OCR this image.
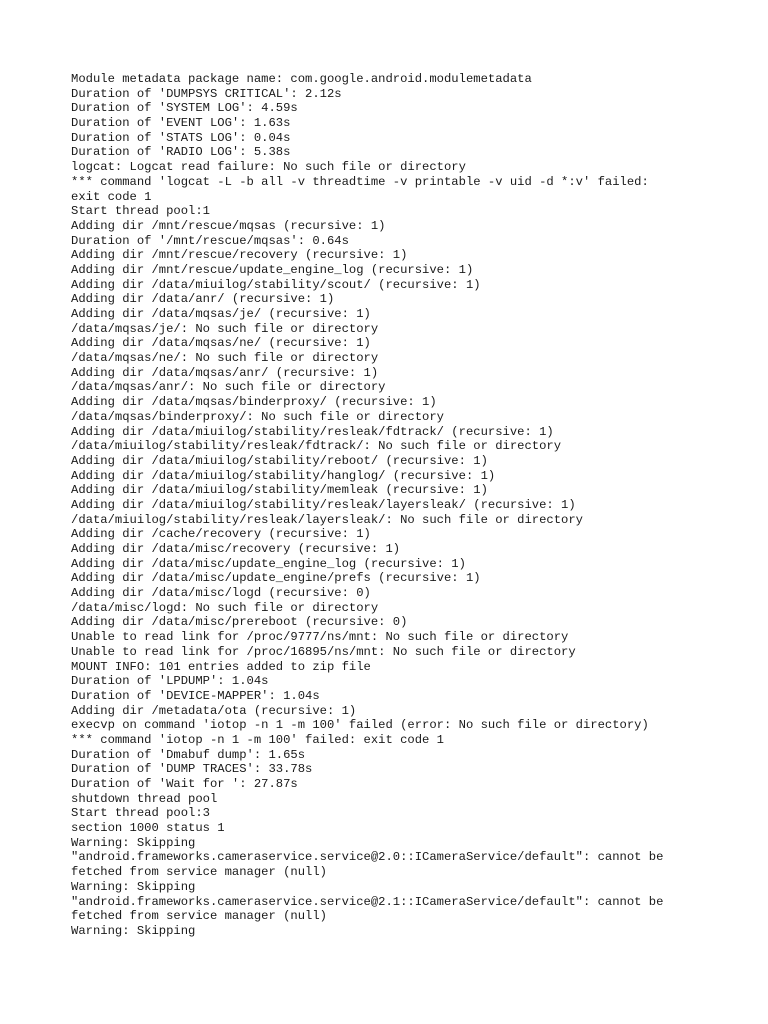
Module metadata package name: com.google.android.modulemetadata
Duration of 'DUMPSYS CRITICAL': 2.12s
Duration of 'SYSTEM LOG': 4.59s
Duration of 'EVENT LOG': 1.63s
Duration of 'STATS LOG': 0.04s
Duration of 'RADIO LOG': 5.38s
logcat: Logcat read failure: No such file or directory
*** command 'logcat -L -b all -v threadtime -v printable -v uid -d *:v' failed:
exit code 1
Start thread pool:1
Adding dir /mnt/rescue/mqsas (recursive: 1)
Duration of '/mnt/rescue/mqsas': 0.64s
Adding dir /mnt/rescue/recovery (recursive: 1)
Adding dir /mnt/rescue/update_engine_log (recursive: 1)
Adding dir /data/miuilog/stability/scout/ (recursive: 1)
Adding dir /data/anr/ (recursive: 1)
Adding dir /data/mqsas/je/ (recursive: 1)
/data/mqsas/je/: No such file or directory
Adding dir /data/mqsas/ne/ (recursive: 1)
/data/mqsas/ne/: No such file or directory
Adding dir /data/mqsas/anr/ (recursive: 1)
/data/mqsas/anr/: No such file or directory
Adding dir /data/mqsas/binderproxy/ (recursive: 1)
/data/mqsas/binderproxy/: No such file or directory
Adding dir /data/miuilog/stability/resleak/fdtrack/ (recursive: 1)
/data/miuilog/stability/resleak/fdtrack/: No such file or directory
Adding dir /data/miuilog/stability/reboot/ (recursive: 1)
Adding dir /data/miuilog/stability/hanglog/ (recursive: 1)
Adding dir /data/miuilog/stability/memleak (recursive: 1)
Adding dir /data/miuilog/stability/resleak/layersleak/ (recursive: 1)
/data/miuilog/stability/resleak/layersleak/: No such file or directory
Adding dir /cache/recovery (recursive: 1)
Adding dir /data/misc/recovery (recursive: 1)
Adding dir /data/misc/update_engine_log (recursive: 1)
Adding dir /data/misc/update_engine/prefs (recursive: 1)
Adding dir /data/misc/logd (recursive: 0)
/data/misc/logd: No such file or directory
Adding dir /data/misc/prereboot (recursive: 0)
Unable to read link for /proc/9777/ns/mnt: No such file or directory
Unable to read link for /proc/16895/ns/mnt: No such file or directory
MOUNT INFO: 101 entries added to zip file
Duration of 'LPDUMP': 1.04s
Duration of 'DEVICE-MAPPER': 1.04s
Adding dir /metadata/ota (recursive: 1)
execvp on command 'iotop -n 1 -m 100' failed (error: No such file or directory)
*** command 'iotop -n 1 -m 100' failed: exit code 1
Duration of 'Dmabuf dump': 1.65s
Duration of 'DUMP TRACES': 33.78s
Duration of 'Wait for ': 27.87s
shutdown thread pool
Start thread pool:3
section 1000 status 1
Warning: Skipping
"android.frameworks.cameraservice.service@2.0::ICameraService/default": cannot be
fetched from service manager (null)
Warning: Skipping
"android.frameworks.cameraservice.service@2.1::ICameraService/default": cannot be
fetched from service manager (null)
Warning: Skipping
